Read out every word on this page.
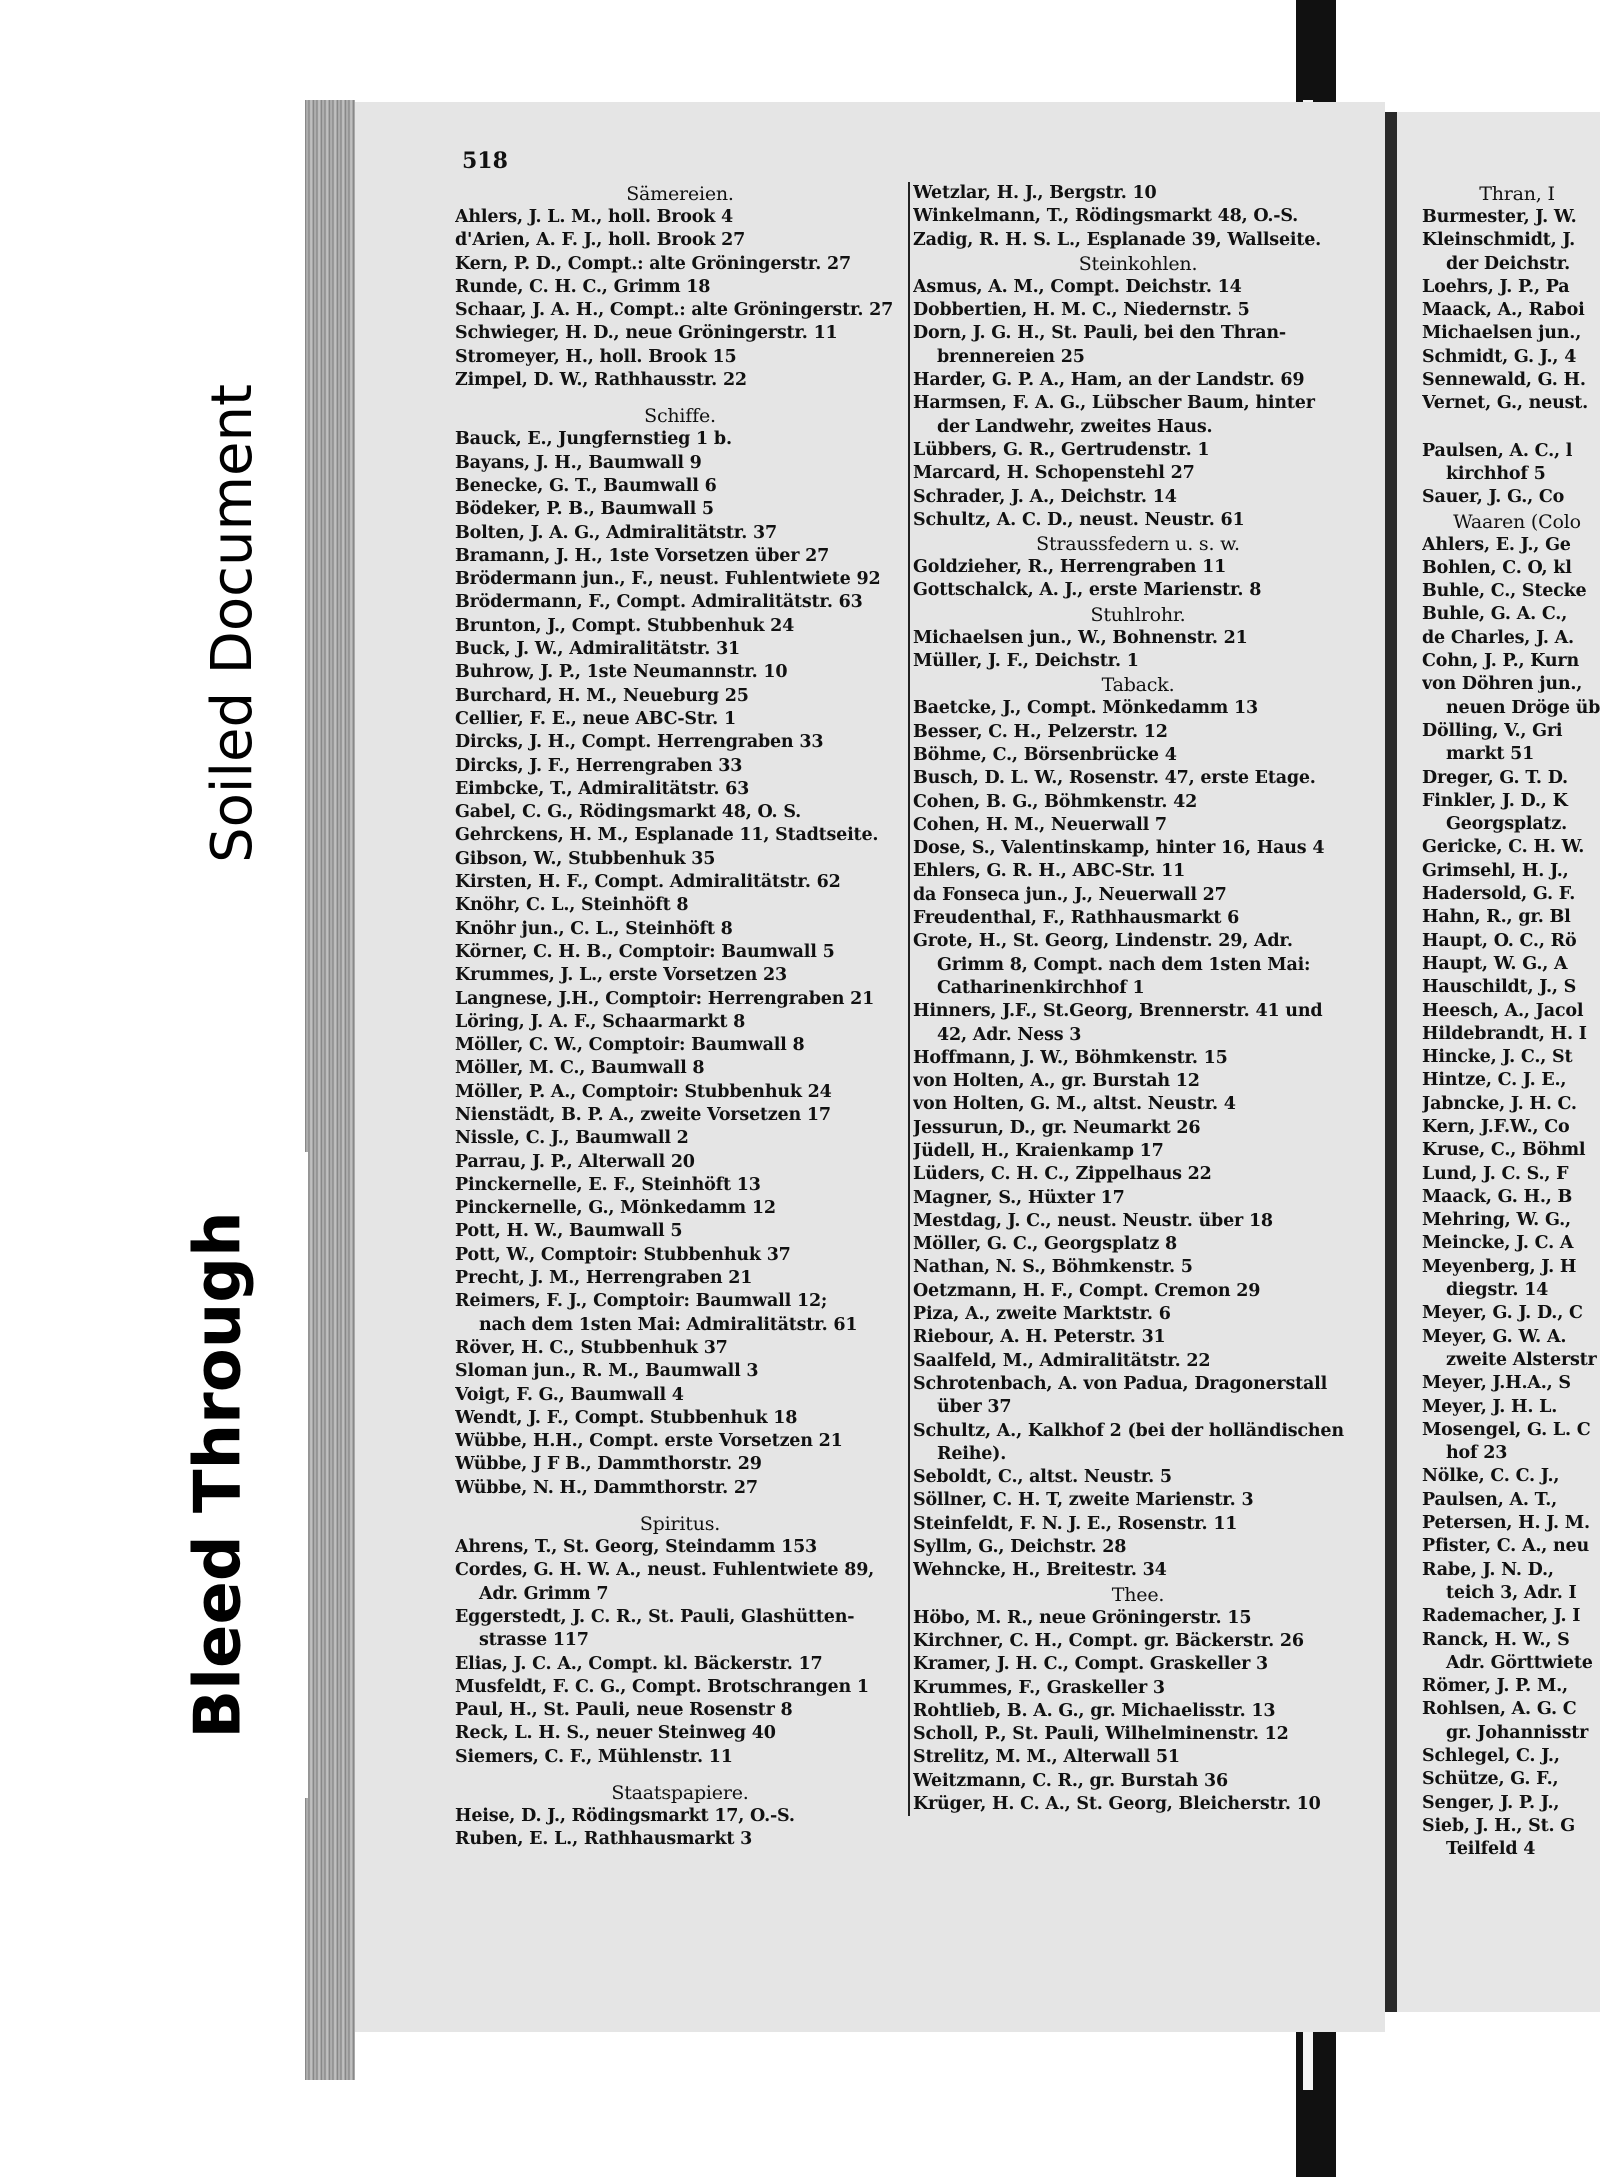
518
Sämereien.

Ahlers, J. L. M., holl. Brook 4

d'Arien, A. F. J., holl. Brook 27

Kern, P. D., Compt.: alte Gröningerstr. 27

Runde, C. H. C., Grimm 18

Schaar, J. A. H., Compt.: alte Gröningerstr. 27

Schwieger, H. D., neue Gröningerstr. 11

Stromeyer, H., holl. Brook 15

Zimpel, D. W., Rathhausstr. 22

Schiffe.

Bauck, E., Jungfernstieg 1 b.

Bayans, J. H., Baumwall 9

Benecke, G. T., Baumwall 6

Bödeker, P. B., Baumwall 5

Bolten, J. A. G., Admiralitätstr. 37

Bramann, J. H., 1ste Vorsetzen über 27

Brödermann jun., F., neust. Fuhlentwiete 92

Brödermann, F., Compt. Admiralitätstr. 63

Brunton, J., Compt. Stubbenhuk 24

Buck, J. W., Admiralitätstr. 31

Buhrow, J. P., 1ste Neumannstr. 10

Burchard, H. M., Neueburg 25

Cellier, F. E., neue ABC-Str. 1

Dircks, J. H., Compt. Herrengraben 33

Dircks, J. F., Herrengraben 33

Eimbcke, T., Admiralitätstr. 63

Gabel, C. G., Rödingsmarkt 48, O. S.

Gehrckens, H. M., Esplanade 11, Stadtseite.

Gibson, W., Stubbenhuk 35

Kirsten, H. F., Compt. Admiralitätstr. 62

Knöhr, C. L., Steinhöft 8

Knöhr jun., C. L., Steinhöft 8

Körner, C. H. B., Comptoir: Baumwall 5

Krummes, J. L., erste Vorsetzen 23

Langnese, J.H., Comptoir: Herrengraben 21

Löring, J. A. F., Schaarmarkt 8

Möller, C. W., Comptoir: Baumwall 8

Möller, M. C., Baumwall 8

Möller, P. A., Comptoir: Stubbenhuk 24

Nienstädt, B. P. A., zweite Vorsetzen 17

Nissle, C. J., Baumwall 2

Parrau, J. P., Alterwall 20

Pinckernelle, E. F., Steinhöft 13

Pinckernelle, G., Mönkedamm 12

Pott, H. W., Baumwall 5

Pott, W., Comptoir: Stubbenhuk 37

Precht, J. M., Herrengraben 21

Reimers, F. J., Comptoir: Baumwall 12;

nach dem 1sten Mai: Admiralitätstr. 61

Röver, H. C., Stubbenhuk 37

Sloman jun., R. M., Baumwall 3

Voigt, F. G., Baumwall 4

Wendt, J. F., Compt. Stubbenhuk 18

Wübbe, H.H., Compt. erste Vorsetzen 21

Wübbe, J F B., Dammthorstr. 29

Wübbe, N. H., Dammthorstr. 27

Spiritus.

Ahrens, T., St. Georg, Steindamm 153

Cordes, G. H. W. A., neust. Fuhlentwiete 89,

Adr. Grimm 7

Eggerstedt, J. C. R., St. Pauli, Glashütten-

strasse 117

Elias, J. C. A., Compt. kl. Bäckerstr. 17

Musfeldt, F. C. G., Compt. Brotschrangen 1

Paul, H., St. Pauli, neue Rosenstr 8

Reck, L. H. S., neuer Steinweg 40

Siemers, C. F., Mühlenstr. 11

Staatspapiere.

Heise, D. J., Rödingsmarkt 17, O.-S.

Ruben, E. L., Rathhausmarkt 3

Wetzlar, H. J., Bergstr. 10

Winkelmann, T., Rödingsmarkt 48, O.-S.

Zadig, R. H. S. L., Esplanade 39, Wallseite.

Steinkohlen.

Asmus, A. M., Compt. Deichstr. 14

Dobbertien, H. M. C., Niedernstr. 5

Dorn, J. G. H., St. Pauli, bei den Thran-

brennereien 25

Harder, G. P. A., Ham, an der Landstr. 69

Harmsen, F. A. G., Lübscher Baum, hinter

der Landwehr, zweites Haus.

Lübbers, G. R., Gertrudenstr. 1

Marcard, H. Schopenstehl 27

Schrader, J. A., Deichstr. 14

Schultz, A. C. D., neust. Neustr. 61

Straussfedern u. s. w.

Goldzieher, R., Herrengraben 11

Gottschalck, A. J., erste Marienstr. 8

Stuhlrohr.

Michaelsen jun., W., Bohnenstr. 21

Müller, J. F., Deichstr. 1

Taback.

Baetcke, J., Compt. Mönkedamm 13

Besser, C. H., Pelzerstr. 12

Böhme, C., Börsenbrücke 4

Busch, D. L. W., Rosenstr. 47, erste Etage.

Cohen, B. G., Böhmkenstr. 42

Cohen, H. M., Neuerwall 7

Dose, S., Valentinskamp, hinter 16, Haus 4

Ehlers, G. R. H., ABC-Str. 11

da Fonseca jun., J., Neuerwall 27

Freudenthal, F., Rathhausmarkt 6

Grote, H., St. Georg, Lindenstr. 29, Adr.

Grimm 8, Compt. nach dem 1sten Mai:

Catharinenkirchhof 1

Hinners, J.F., St.Georg, Brennerstr. 41 und

42, Adr. Ness 3

Hoffmann, J. W., Böhmkenstr. 15

von Holten, A., gr. Burstah 12

von Holten, G. M., altst. Neustr. 4

Jessurun, D., gr. Neumarkt 26

Jüdell, H., Kraienkamp 17

Lüders, C. H. C., Zippelhaus 22

Magner, S., Hüxter 17

Mestdag, J. C., neust. Neustr. über 18

Möller, G. C., Georgsplatz 8

Nathan, N. S., Böhmkenstr. 5

Oetzmann, H. F., Compt. Cremon 29

Piza, A., zweite Marktstr. 6

Riebour, A. H. Peterstr. 31

Saalfeld, M., Admiralitätstr. 22

Schrotenbach, A. von Padua, Dragonerstall

über 37

Schultz, A., Kalkhof 2 (bei der holländischen

Reihe).

Seboldt, C., altst. Neustr. 5

Söllner, C. H. T, zweite Marienstr. 3

Steinfeldt, F. N. J. E., Rosenstr. 11

Syllm, G., Deichstr. 28

Wehncke, H., Breitestr. 34

Thee.

Höbo, M. R., neue Gröningerstr. 15

Kirchner, C. H., Compt. gr. Bäckerstr. 26

Kramer, J. H. C., Compt. Graskeller 3

Krummes, F., Graskeller 3

Rohtlieb, B. A. G., gr. Michaelisstr. 13

Scholl, P., St. Pauli, Wilhelminenstr. 12

Strelitz, M. M., Alterwall 51

Weitzmann, C. R., gr. Burstah 36

Krüger, H. C. A., St. Georg, Bleicherstr. 10

Thran, I

Burmester, J. W.

Kleinschmidt, J.

der Deichstr.

Loehrs, J. P., Pa

Maack, A., Raboi

Michaelsen jun.,

Schmidt, G. J., 4

Sennewald, G. H.

Vernet, G., neust.

Paulsen, A. C., l

kirchhof 5

Sauer, J. G., Co

Waaren (Colo

Ahlers, E. J., Ge

Bohlen, C. O, kl

Buhle, C., Stecke

Buhle, G. A. C.,

de Charles, J. A.

Cohn, J. P., Kurn

von Döhren jun.,

neuen Dröge üb

Dölling, V., Gri

markt 51

Dreger, G. T. D.

Finkler, J. D., K

Georgsplatz.

Gericke, C. H. W.

Grimsehl, H. J.,

Hadersold, G. F.

Hahn, R., gr. Bl

Haupt, O. C., Rö

Haupt, W. G., A

Hauschildt, J., S

Heesch, A., Jacol

Hildebrandt, H. I

Hincke, J. C., St

Hintze, C. J. E.,

Jabncke, J. H. C.

Kern, J.F.W., Co

Kruse, C., Böhml

Lund, J. C. S., F

Maack, G. H., B

Mehring, W. G.,

Meincke, J. C. A

Meyenberg, J. H

diegstr. 14

Meyer, G. J. D., C

Meyer, G. W. A.

zweite Alsterstr

Meyer, J.H.A., S

Meyer, J. H. L.

Mosengel, G. L. C

hof 23

Nölke, C. C. J.,

Paulsen, A. T.,

Petersen, H. J. M.

Pfister, C. A., neu

Rabe, J. N. D.,

teich 3, Adr. I

Rademacher, J. I

Ranck, H. W., S

Adr. Görttwiete

Römer, J. P. M.,

Rohlsen, A. G. C

gr. Johannisstr

Schlegel, C. J.,

Schütze, G. F.,

Senger, J. P. J.,

Sieb, J. H., St. G

Teilfeld 4

Soiled Document
Bleed Through
